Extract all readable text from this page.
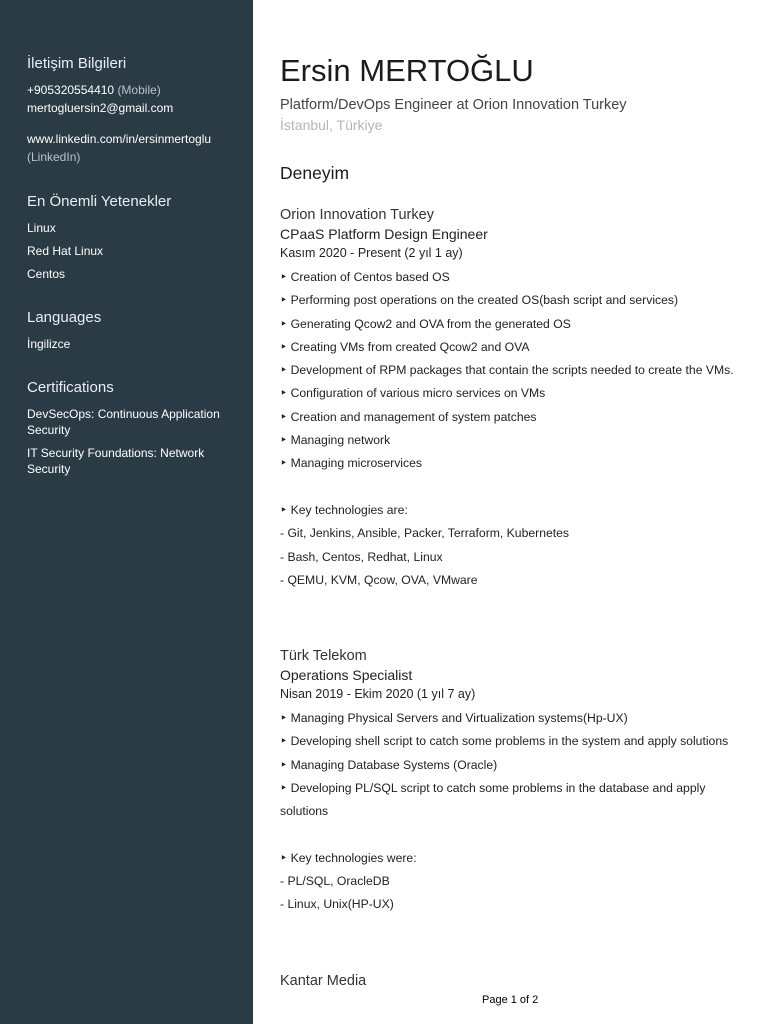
İletişim Bilgileri

+905320554410 (Mobile)

mertogluersin2@gmail.com

www.linkedin.com/in/ersinmertoglu

(LinkedIn)

En Önemli Yetenekler
Linux
Red Hat Linux
Centos
Languages
İngilizce
Certifications
DevSecOps: Continuous Application Security
IT Security Foundations: Network Security
Ersin MERTOĞLU

Platform/DevOps Engineer at Orion Innovation Turkey

İstanbul, Türkiye

Deneyim

Orion Innovation Turkey

CPaaS Platform Design Engineer

Kasım 2020 - Present (2 yıl 1 ay)

‣ Creation of Centos based OS
‣ Performing post operations on the created OS(bash script and services)
‣ Generating Qcow2 and OVA from the generated OS
‣ Creating VMs from created Qcow2 and OVA
‣ Development of RPM packages that contain the scripts needed to create the VMs.
‣ Configuration of various micro services on VMs
‣ Creation and management of system patches
‣ Managing network
‣ Managing microservices
‣ Key technologies are:
- Git, Jenkins, Ansible, Packer, Terraform, Kubernetes
- Bash, Centos, Redhat, Linux
- QEMU, KVM, Qcow, OVA, VMware

Türk Telekom

Operations Specialist

Nisan 2019 - Ekim 2020 (1 yıl 7 ay)

‣ Managing Physical Servers and Virtualization systems(Hp-UX)
‣ Developing shell script to catch some problems in the system and apply solutions
‣ Managing Database Systems (Oracle)
‣ Developing PL/SQL script to catch some problems in the database and apply solutions
‣ Key technologies were:
- PL/SQL, OracleDB
- Linux, Unix(HP-UX)

Kantar Media

Page 1 of 2
